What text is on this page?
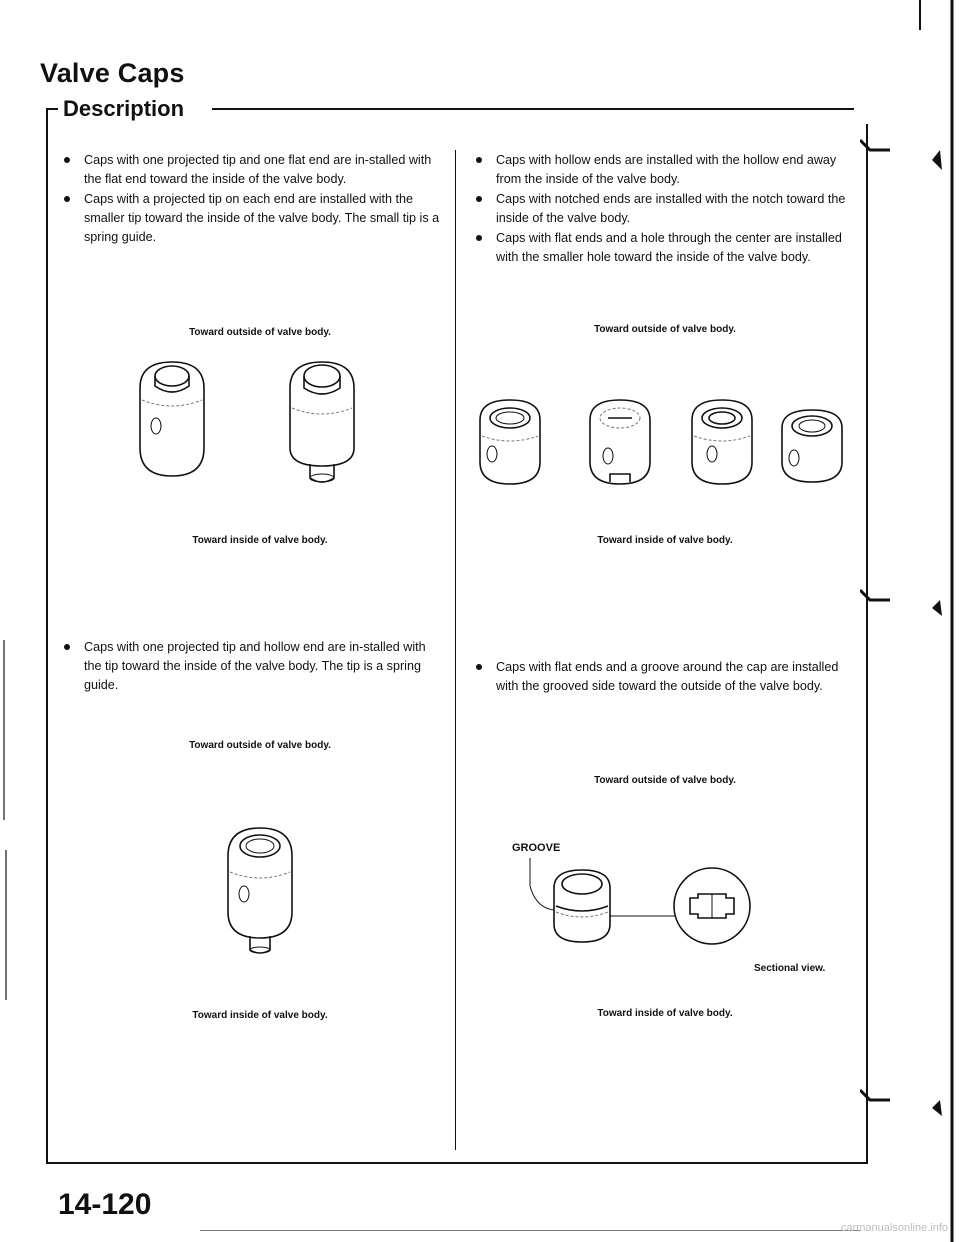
Valve Caps
Description
Caps with one projected tip and one flat end are in-stalled with the flat end toward the inside of the valve body.
Caps with a projected tip on each end are installed with the smaller tip toward the inside of the valve body. The small tip is a spring guide.
Toward outside of valve body.
Toward inside of valve body.
Caps with one projected tip and hollow end are in-stalled with the tip toward the inside of the valve body. The tip is a spring guide.
Toward outside of valve body.
Toward inside of valve body.
Caps with hollow ends are installed with the hollow end away from the inside of the valve body.
Caps with notched ends are installed with the notch toward the inside of the valve body.
Caps with flat ends and a hole through the center are installed with the smaller hole toward the inside of the valve body.
Toward outside of valve body.
Toward inside of valve body.
Caps with flat ends and a groove around the cap are installed with the grooved side toward the outside of the valve body.
Toward outside of valve body.
GROOVE
Sectional view.
Toward inside of valve body.
14-120
carmanualsonline.info
